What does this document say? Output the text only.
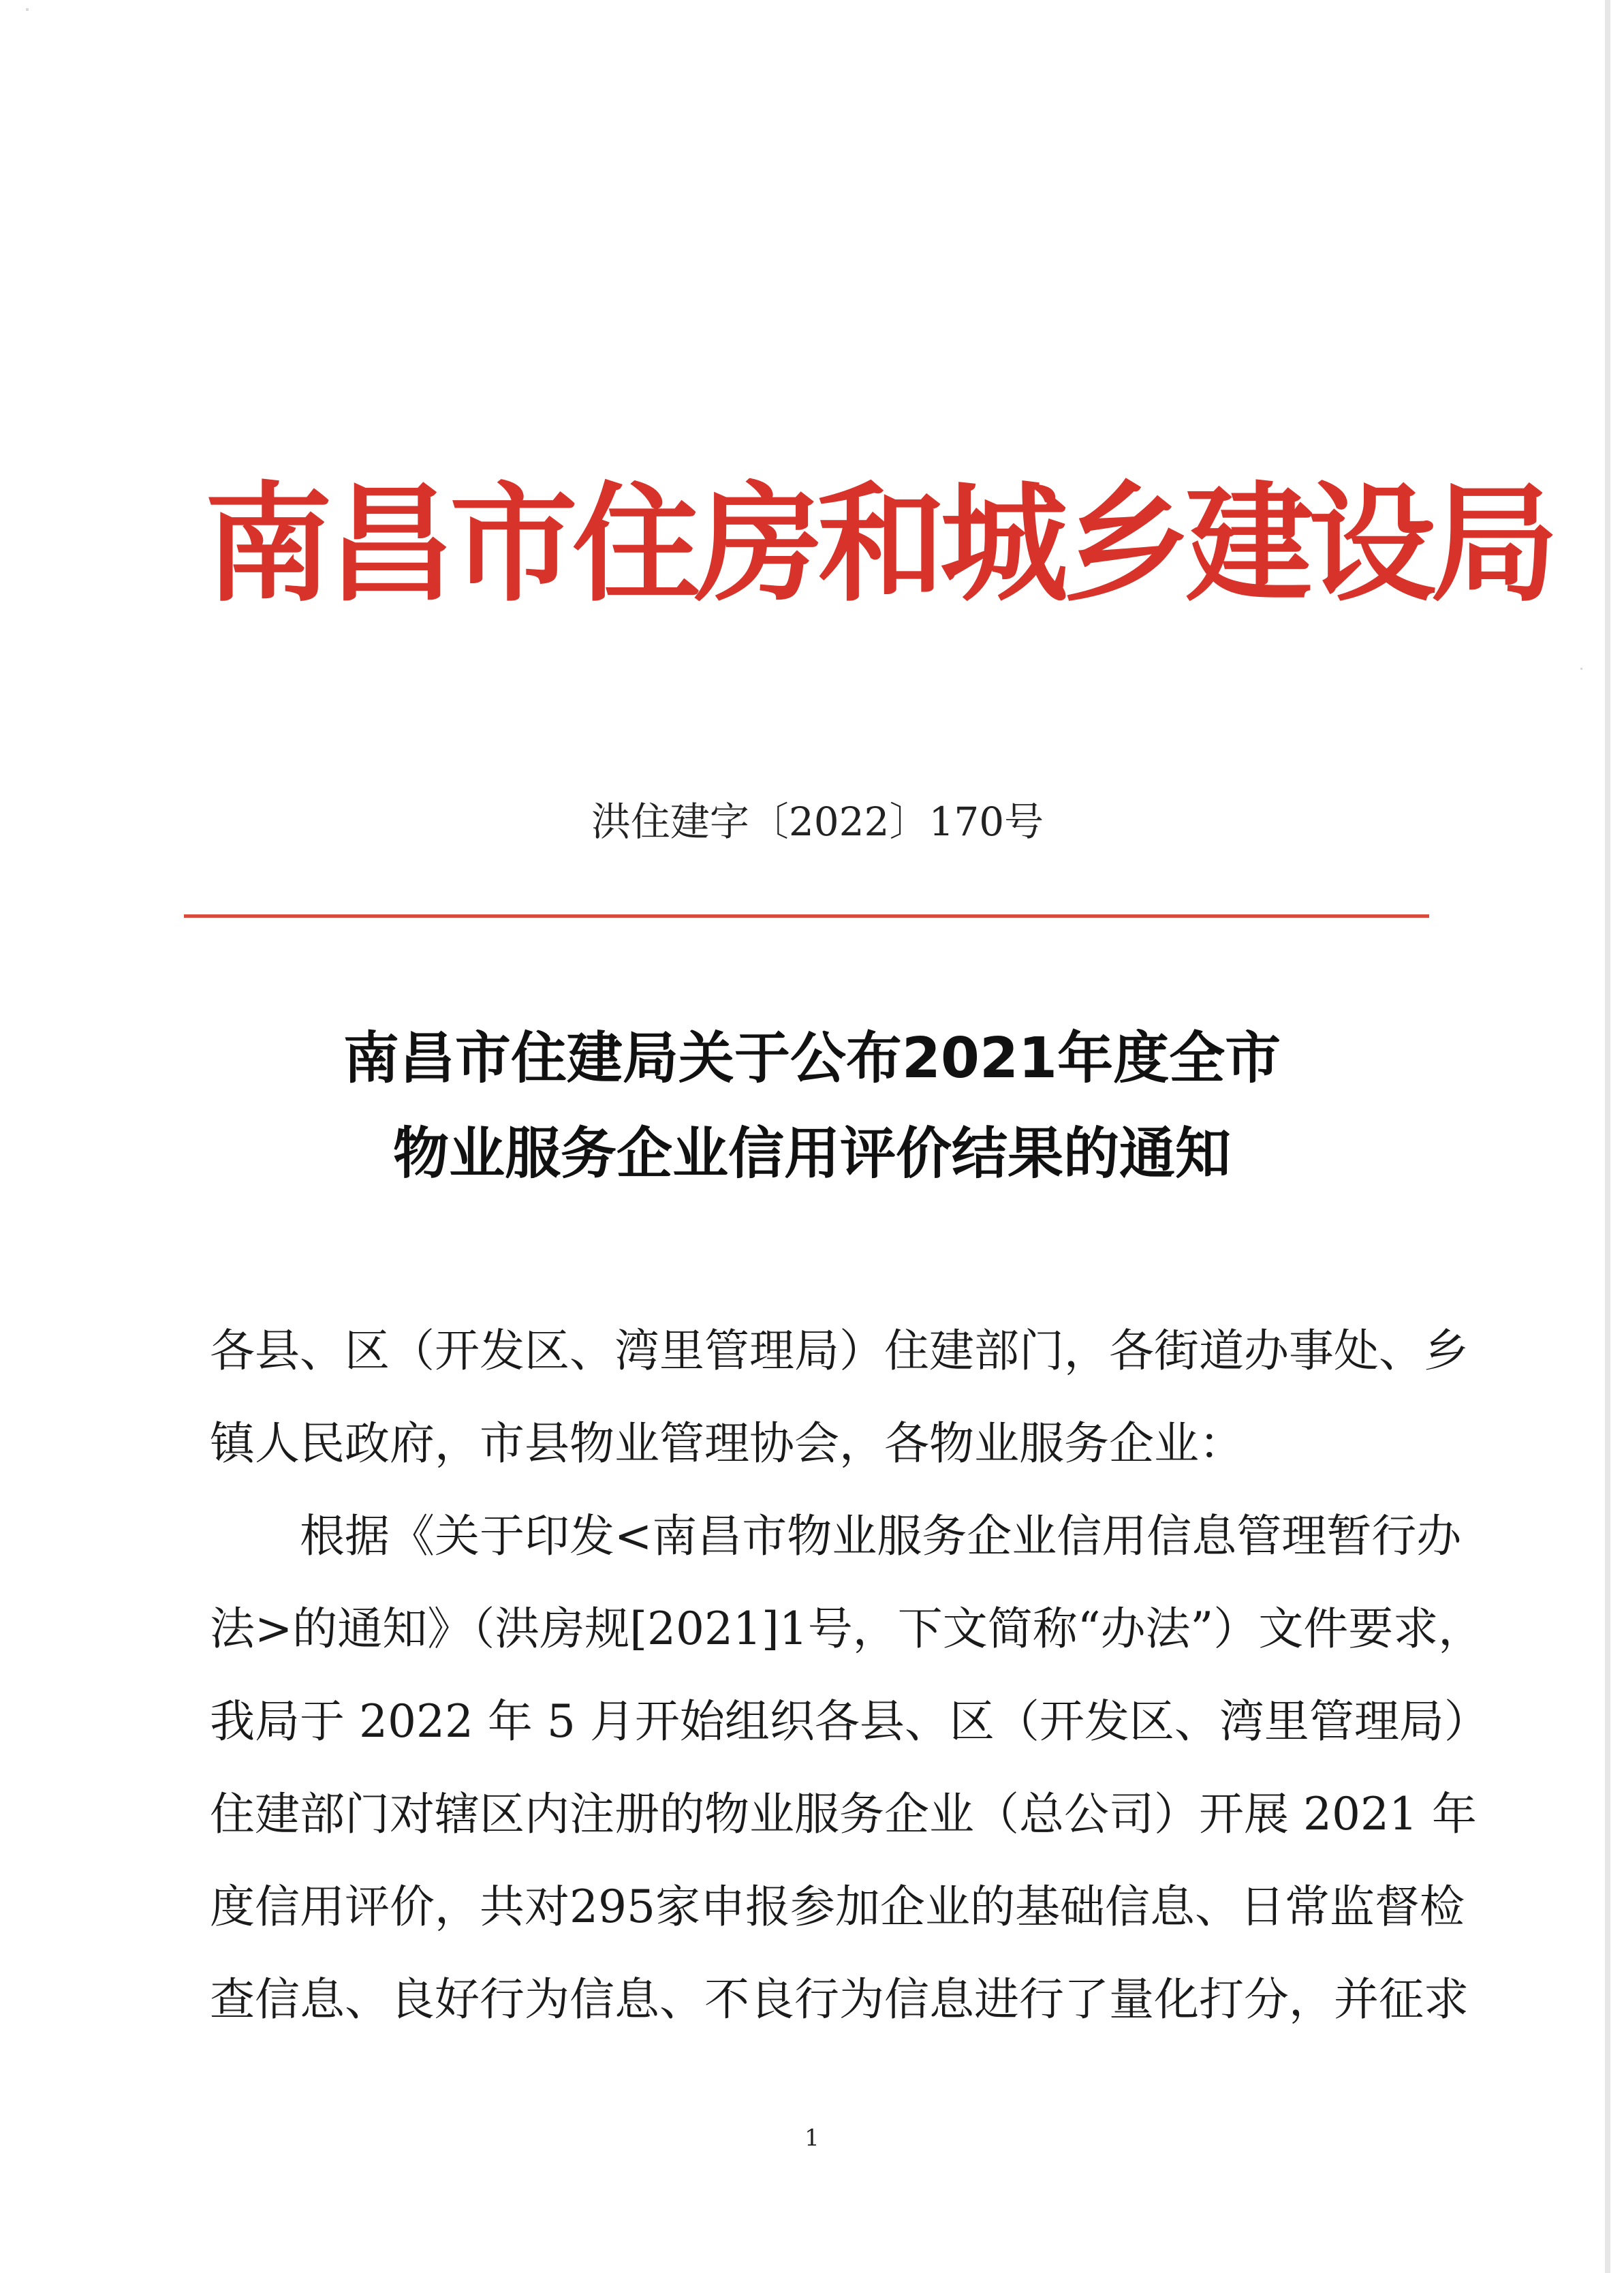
南昌市住房和城乡建设局
洪住建字〔2022〕170号
南昌市住建局关于公布2021年度全市
物业服务企业信用评价结果的通知
各县、区（开发区、湾里管理局）住建部门，各街道办事处、乡
镇人民政府，市县物业管理协会，各物业服务企业：
根据《关于印发<南昌市物业服务企业信用信息管理暂行办
法>的通知》（洪房规[2021]1号，下文简称“办法”）文件要求，
我局于 2022 年 5 月开始组织各县、区（开发区、湾里管理局）
住建部门对辖区内注册的物业服务企业（总公司）开展 2021 年
度信用评价，共对295家申报参加企业的基础信息、日常监督检
查信息、良好行为信息、不良行为信息进行了量化打分，并征求
1
